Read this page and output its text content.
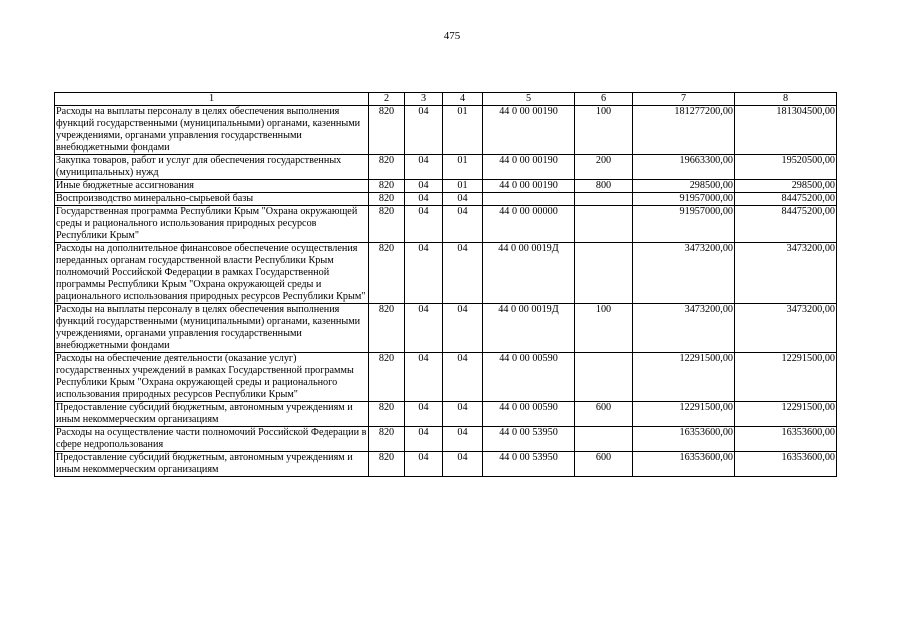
475
1	2	3	4	5	6	7	8
Расходы на выплаты персоналу в целях обеспечения выполнения функций государственными (муниципальными) органами, казенными учреждениями, органами управления государственными внебюджетными фондами	820	04	01	44 0 00 00190	100	181277200,00	181304500,00
Закупка товаров, работ и услуг для обеспечения государственных (муниципальных) нужд	820	04	01	44 0 00 00190	200	19663300,00	19520500,00
Иные бюджетные ассигнования	820	04	01	44 0 00 00190	800	298500,00	298500,00
Воспроизводство минерально-сырьевой базы	820	04	04			91957000,00	84475200,00
Государственная программа Республики Крым "Охрана окружающей среды и рационального использования природных ресурсов Республики Крым"	820	04	04	44 0 00 00000		91957000,00	84475200,00
Расходы на дополнительное финансовое обеспечение осуществления переданных органам государственной власти Республики Крым полномочий Российской Федерации в рамках Государственной программы Республики Крым "Охрана окружающей среды и рационального использования природных ресурсов Республики Крым"	820	04	04	44 0 00 0019Д		3473200,00	3473200,00
Расходы на выплаты персоналу в целях обеспечения выполнения функций государственными (муниципальными) органами, казенными учреждениями, органами управления государственными внебюджетными фондами	820	04	04	44 0 00 0019Д	100	3473200,00	3473200,00
Расходы на обеспечение деятельности (оказание услуг) государственных учреждений в рамках Государственной программы Республики Крым "Охрана окружающей среды и рационального использования природных ресурсов Республики Крым"	820	04	04	44 0 00 00590		12291500,00	12291500,00
Предоставление субсидий бюджетным, автономным учреждениям и иным некоммерческим организациям	820	04	04	44 0 00 00590	600	12291500,00	12291500,00
Расходы на осуществление части полномочий Российской Федерации в сфере недропользования	820	04	04	44 0 00 53950		16353600,00	16353600,00
Предоставление субсидий бюджетным, автономным учреждениям и иным некоммерческим организациям	820	04	04	44 0 00 53950	600	16353600,00	16353600,00
